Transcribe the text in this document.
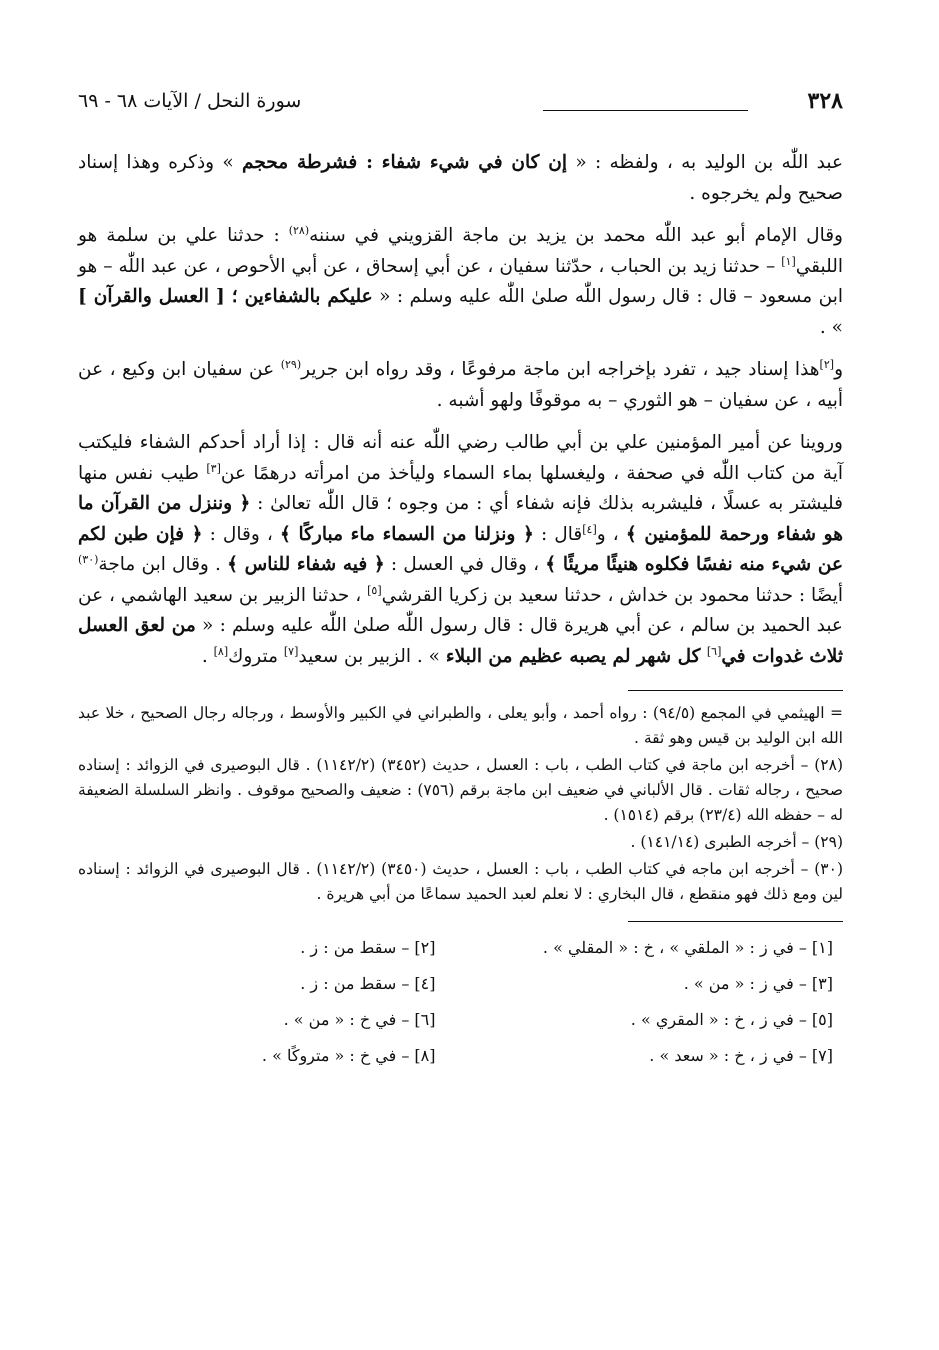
٣٢٨
سورة النحل / الآيات ٦٨ - ٦٩

عبد اللّٰه بن الوليد به ، ولفظه : « إن كان في شيء شفاء : فشرطة محجم » وذكره وهذا إسناد صحيح ولم يخرجوه .

وقال الإمام أبو عبد اللّٰه محمد بن يزيد بن ماجة القزويني في سننه$^{(٢٨)}$ : حدثنا علي بن سلمة هو اللبقي[١] – حدثنا زيد بن الحباب ، حدّثنا سفيان ، عن أبي إسحاق ، عن أبي الأحوص ، عن عبد اللّٰه – هو ابن مسعود – قال : قال رسول اللّٰه صلىٰ اللّٰه عليه وسلم : « عليكم بالشفاءين ؛ [ العسل والقرآن ] » .

و[٢]هذا إسناد جيد ، تفرد بإخراجه ابن ماجة مرفوعًا ، وقد رواه ابن جرير$^{(٢٩)}$ عن سفيان ابن وكيع ، عن أبيه ، عن سفيان – هو الثوري – به موقوفًا ولهو أشبه .

وروينا عن أمير المؤمنين علي بن أبي طالب رضي اللّٰه عنه أنه قال : إذا أراد أحدكم الشفاء فليكتب آية من كتاب اللّٰه في صحفة ، وليغسلها بماء السماء وليأخذ من امرأته درهمًا عن[٣] طيب نفس منها فليشتر به عسلًا ، فليشربه بذلك فإنه شفاء أي : من وجوه ؛ قال اللّٰه تعالىٰ : ﴿ وننزل من القرآن ما هو شفاء ورحمة للمؤمنين ﴾ ، و[٤]قال : ﴿ ونزلنا من السماء ماء مباركًا ﴾ ، وقال : ﴿ فإن طبن لكم عن شيء منه نفسًا فكلوه هنيئًا مريئًا ﴾ ، وقال في العسل : ﴿ فيه شفاء للناس ﴾ . وقال ابن ماجة$^{(٣٠)}$ أيضًا : حدثنا محمود بن خداش ، حدثنا سعيد بن زكريا القرشي[٥] ، حدثنا الزبير بن سعيد الهاشمي ، عن عبد الحميد بن سالم ، عن أبي هريرة قال : قال رسول اللّٰه صلىٰ اللّٰه عليه وسلم : « من لعق العسل ثلاث غدوات في[٦] كل شهر لم يصبه عظيم من البلاء » . الزبير بن سعيد[٧] متروك[٨] .

= الهيثمي في المجمع (٩٤/٥) : رواه أحمد ، وأبو يعلى ، والطبراني في الكبير والأوسط ، ورجاله رجال الصحيح ، خلا عبد الله ابن الوليد بن قيس وهو ثقة .

(٢٨) – أخرجه ابن ماجة في كتاب الطب ، باب : العسل ، حديث (٣٤٥٢) (١١٤٢/٢) . قال البوصيرى في الزوائد : إسناده صحيح ، رجاله ثقات . قال الألباني في ضعيف ابن ماجة برقم (٧٥٦) : ضعيف والصحيح موقوف . وانظر السلسلة الضعيفة له – حفظه الله (٢٣/٤) برقم (١٥١٤) .

(٢٩) – أخرجه الطبرى (١٤١/١٤) .

(٣٠) – أخرجه ابن ماجه في كتاب الطب ، باب : العسل ، حديث (٣٤٥٠) (١١٤٢/٢) . قال البوصيرى في الزوائد : إسناده لين ومع ذلك فهو منقطع ، قال البخاري : لا نعلم لعبد الحميد سماعًا من أبي هريرة .

[١] – في ز : « الملقي » ، خ : « المقلي » .
[٢] – سقط من : ز .
[٣] – في ز : « من » .
[٤] – سقط من : ز .
[٥] – في ز ، خ : « المقري » .
[٦] – في خ : « من » .
[٧] – في ز ، خ : « سعد » .
[٨] – في خ : « متروكًا » .
